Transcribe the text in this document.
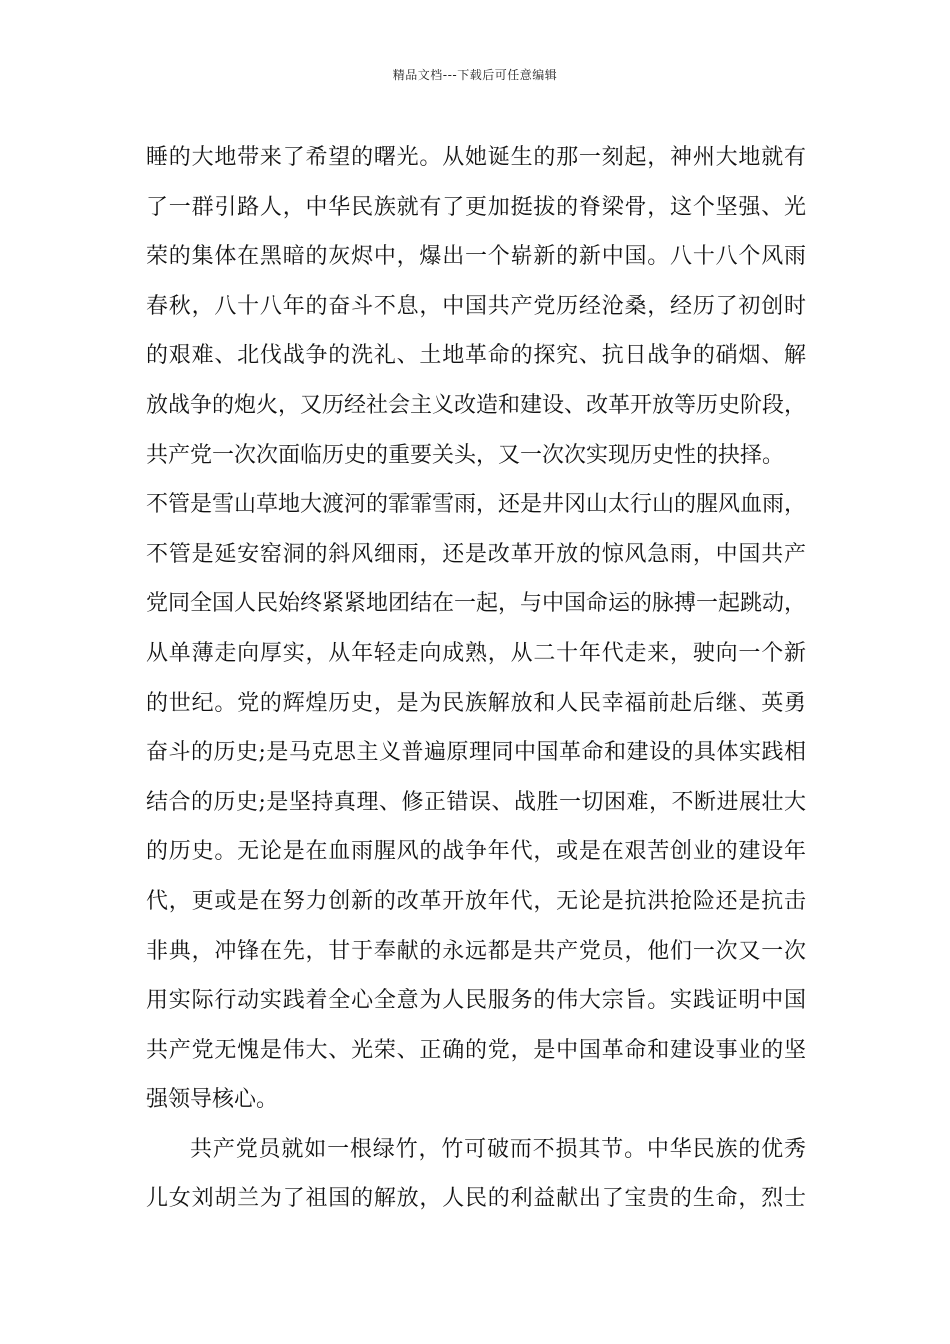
精品文档---下载后可任意编辑
睡的大地带来了希望的曙光。从她诞生的那一刻起，神州大地就有
了一群引路人，中华民族就有了更加挺拔的脊梁骨，这个坚强、光
荣的集体在黑暗的灰烬中，爆出一个崭新的新中国。八十八个风雨
春秋，八十八年的奋斗不息，中国共产党历经沧桑，经历了初创时
的艰难、北伐战争的洗礼、土地革命的探究、抗日战争的硝烟、解
放战争的炮火，又历经社会主义改造和建设、改革开放等历史阶段，
共产党一次次面临历史的重要关头，又一次次实现历史性的抉择。
不管是雪山草地大渡河的霏霏雪雨，还是井冈山太行山的腥风血雨，
不管是延安窑洞的斜风细雨，还是改革开放的惊风急雨，中国共产
党同全国人民始终紧紧地团结在一起，与中国命运的脉搏一起跳动，
从单薄走向厚实，从年轻走向成熟，从二十年代走来，驶向一个新
的世纪。党的辉煌历史，是为民族解放和人民幸福前赴后继、英勇
奋斗的历史;是马克思主义普遍原理同中国革命和建设的具体实践相
结合的历史;是坚持真理、修正错误、战胜一切困难，不断进展壮大
的历史。无论是在血雨腥风的战争年代，或是在艰苦创业的建设年
代，更或是在努力创新的改革开放年代，无论是抗洪抢险还是抗击
非典，冲锋在先，甘于奉献的永远都是共产党员，他们一次又一次
用实际行动实践着全心全意为人民服务的伟大宗旨。实践证明中国
共产党无愧是伟大、光荣、正确的党，是中国革命和建设事业的坚
强领导核心。
共产党员就如一根绿竹，竹可破而不损其节。中华民族的优秀
儿女刘胡兰为了祖国的解放，人民的利益献出了宝贵的生命，烈士
